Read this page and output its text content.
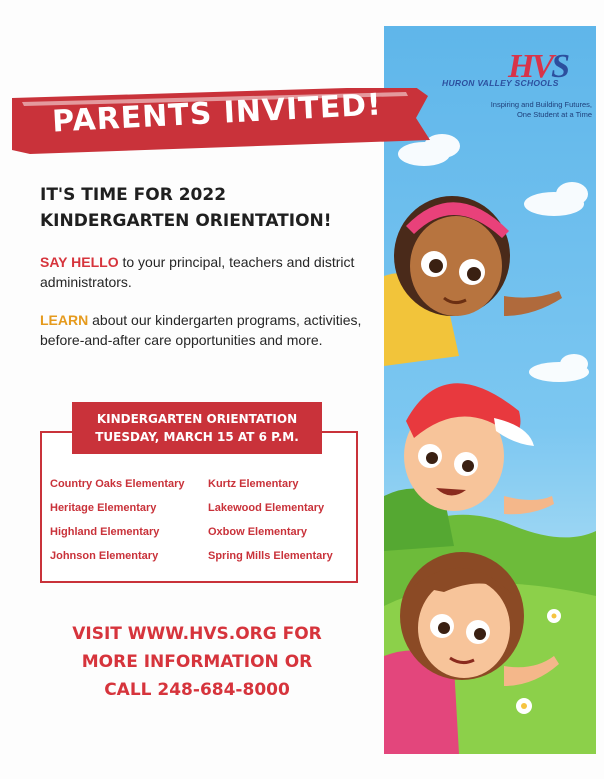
HVS
HURON VALLEY SCHOOLS
Inspiring and Building Futures,
One Student at a Time
PARENTS INVITED!
IT'S TIME FOR 2022
KINDERGARTEN ORIENTATION!
SAY HELLO to your principal, teachers and district administrators.
LEARN about our kindergarten programs, activities, before-and-after care opportunities and more.
KINDERGARTEN ORIENTATION
TUESDAY, MARCH 15 AT 6 P.M.
Country Oaks Elementary	Kurtz Elementary
Heritage Elementary	Lakewood Elementary
Highland Elementary	Oxbow Elementary
Johnson Elementary	Spring Mills Elementary
VISIT WWW.HVS.ORG FOR
MORE INFORMATION OR
CALL 248-684-8000
